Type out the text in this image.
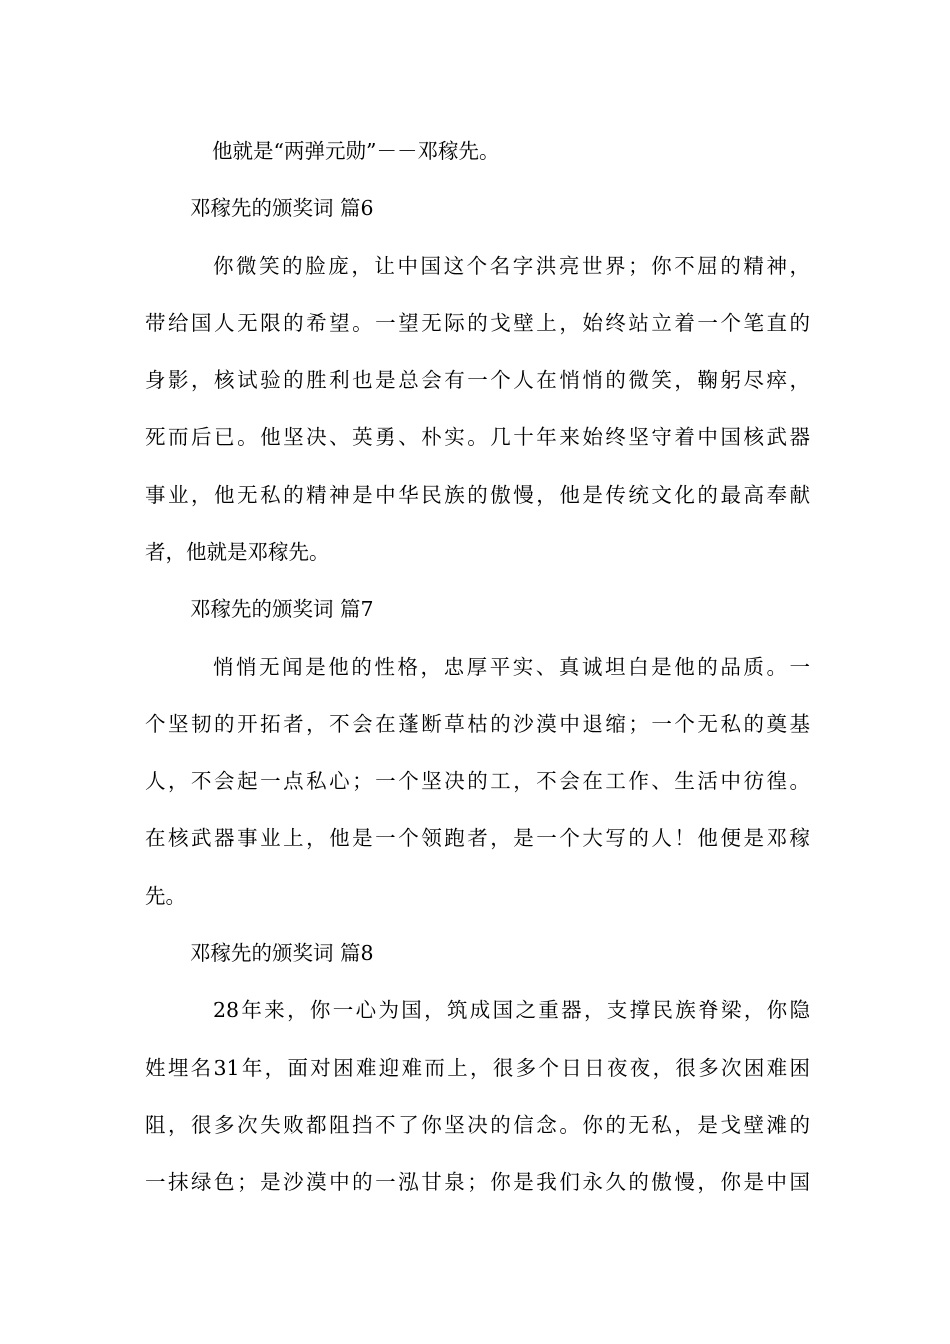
他就是“两弹元勋”－－邓稼先。
邓稼先的颁奖词 篇6
你微笑的脸庞，让中国这个名字洪亮世界；你不屈的精神，
带给国人无限的希望。一望无际的戈壁上，始终站立着一个笔直的
身影，核试验的胜利也是总会有一个人在悄悄的微笑，鞠躬尽瘁，
死而后已。他坚决、英勇、朴实。几十年来始终坚守着中国核武器
事业，他无私的精神是中华民族的傲慢，他是传统文化的最高奉献
者，他就是邓稼先。
邓稼先的颁奖词 篇7
悄悄无闻是他的性格，忠厚平实、真诚坦白是他的品质。一
个坚韧的开拓者，不会在蓬断草枯的沙漠中退缩；一个无私的奠基
人，不会起一点私心；一个坚决的工，不会在工作、生活中彷徨。
在核武器事业上，他是一个领跑者，是一个大写的人！他便是邓稼
先。
邓稼先的颁奖词 篇8
28年来，你一心为国，筑成国之重器，支撑民族脊梁，你隐
姓埋名31年，面对困难迎难而上，很多个日日夜夜，很多次困难困
阻，很多次失败都阻挡不了你坚决的信念。你的无私，是戈壁滩的
一抹绿色；是沙漠中的一泓甘泉；你是我们永久的傲慢，你是中国
